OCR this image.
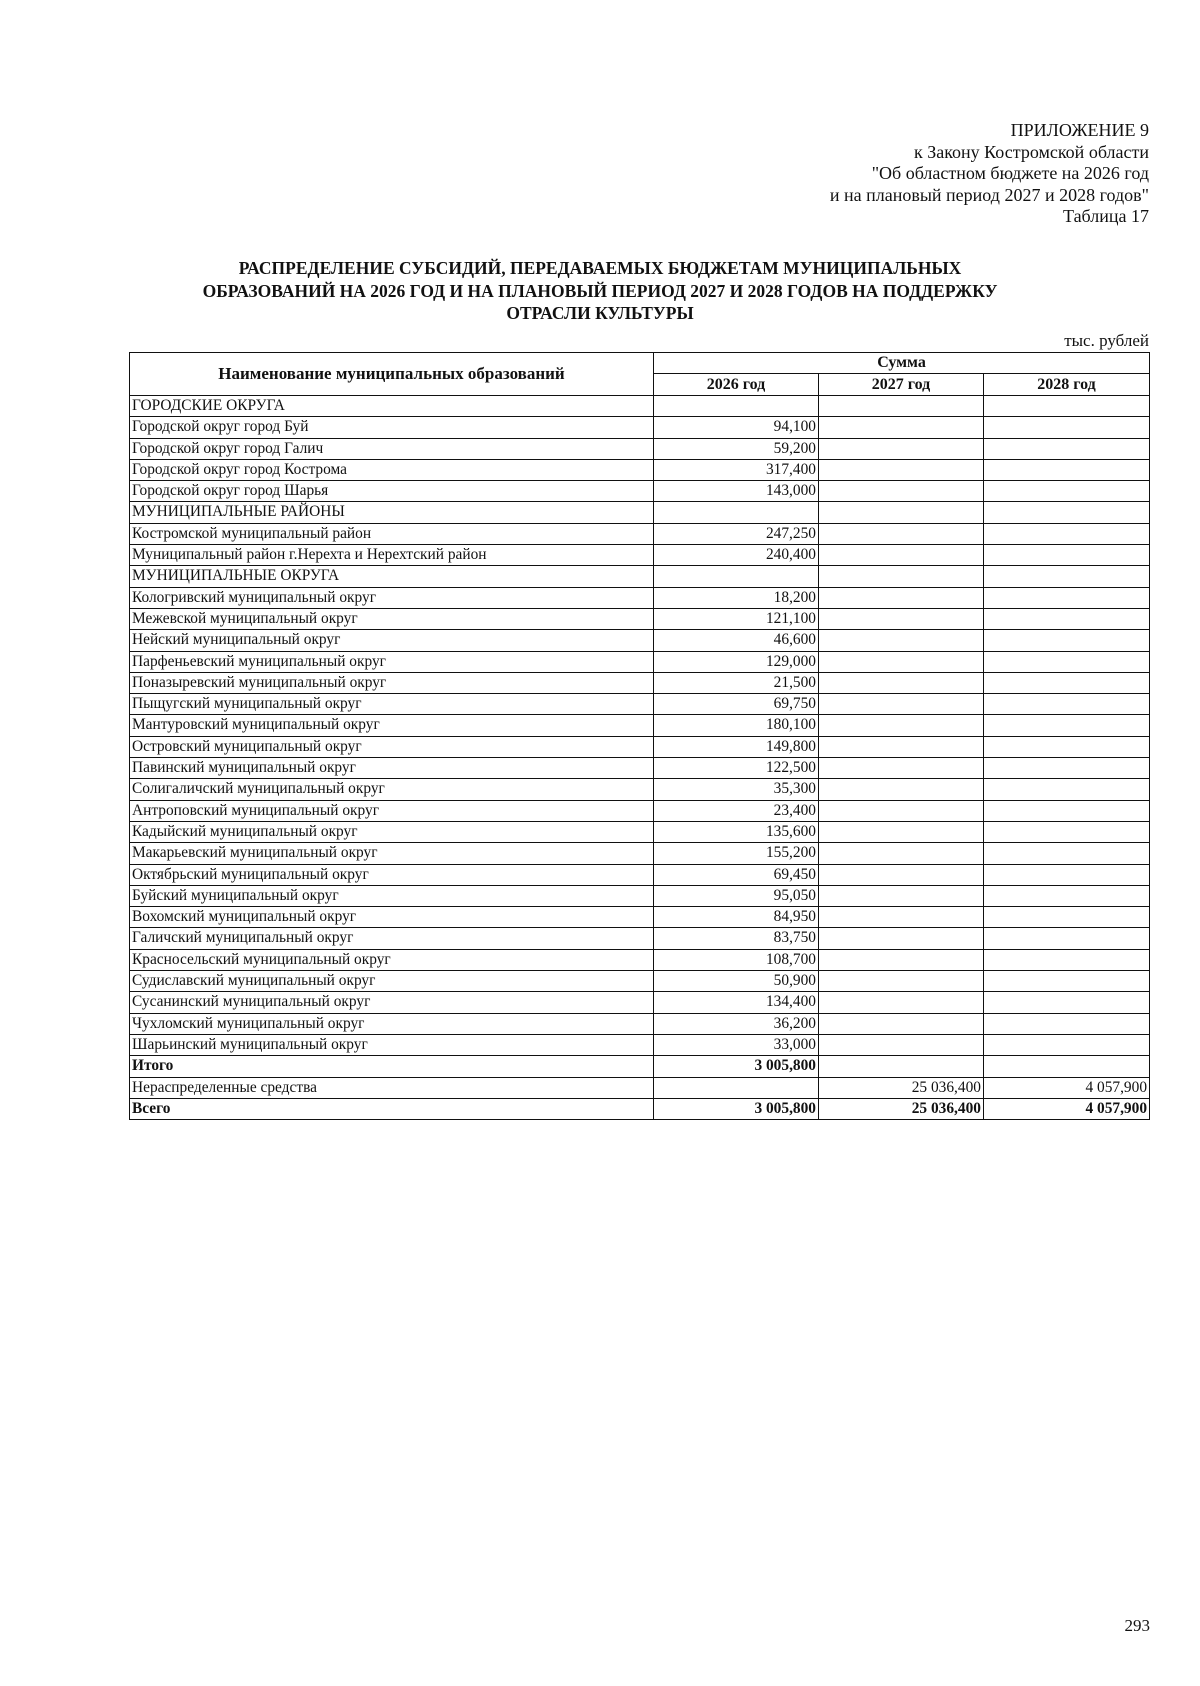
ПРИЛОЖЕНИЕ 9
к Закону Костромской области
"Об областном бюджете на 2026 год
и на плановый период 2027 и 2028 годов"
Таблица 17
РАСПРЕДЕЛЕНИЕ СУБСИДИЙ, ПЕРЕДАВАЕМЫХ БЮДЖЕТАМ МУНИЦИПАЛЬНЫХ
ОБРАЗОВАНИЙ НА 2026 ГОД И НА ПЛАНОВЫЙ ПЕРИОД 2027 И 2028 ГОДОВ НА ПОДДЕРЖКУ
ОТРАСЛИ КУЛЬТУРЫ
тыс. рублей
Наименование муниципальных образований	Сумма		
	2026 год	2027 год	2028 год
ГОРОДСКИЕ ОКРУГА			
Городской округ город Буй	94,100		
Городской округ город Галич	59,200		
Городской округ город Кострома	317,400		
Городской округ город Шарья	143,000		
МУНИЦИПАЛЬНЫЕ РАЙОНЫ			
Костромской муниципальный район	247,250		
Муниципальный район г.Нерехта и Нерехтский район	240,400		
МУНИЦИПАЛЬНЫЕ ОКРУГА			
Кологривский муниципальный округ	18,200		
Межевской муниципальный округ	121,100		
Нейский муниципальный округ	46,600		
Парфеньевский муниципальный округ	129,000		
Поназыревский муниципальный округ	21,500		
Пыщугский муниципальный округ	69,750		
Мантуровский муниципальный округ	180,100		
Островский муниципальный округ	149,800		
Павинский муниципальный округ	122,500		
Солигаличский муниципальный округ	35,300		
Антроповский муниципальный округ	23,400		
Кадыйский муниципальный округ	135,600		
Макарьевский муниципальный округ	155,200		
Октябрьский муниципальный округ	69,450		
Буйский муниципальный округ	95,050		
Вохомский муниципальный округ	84,950		
Галичский муниципальный округ	83,750		
Красносельский муниципальный округ	108,700		
Судиславский муниципальный округ	50,900		
Сусанинский муниципальный округ	134,400		
Чухломский муниципальный округ	36,200		
Шарьинский муниципальный округ	33,000		
Итого	3 005,800		
Нераспределенные средства		25 036,400	4 057,900
Всего	3 005,800	25 036,400	4 057,900
293
